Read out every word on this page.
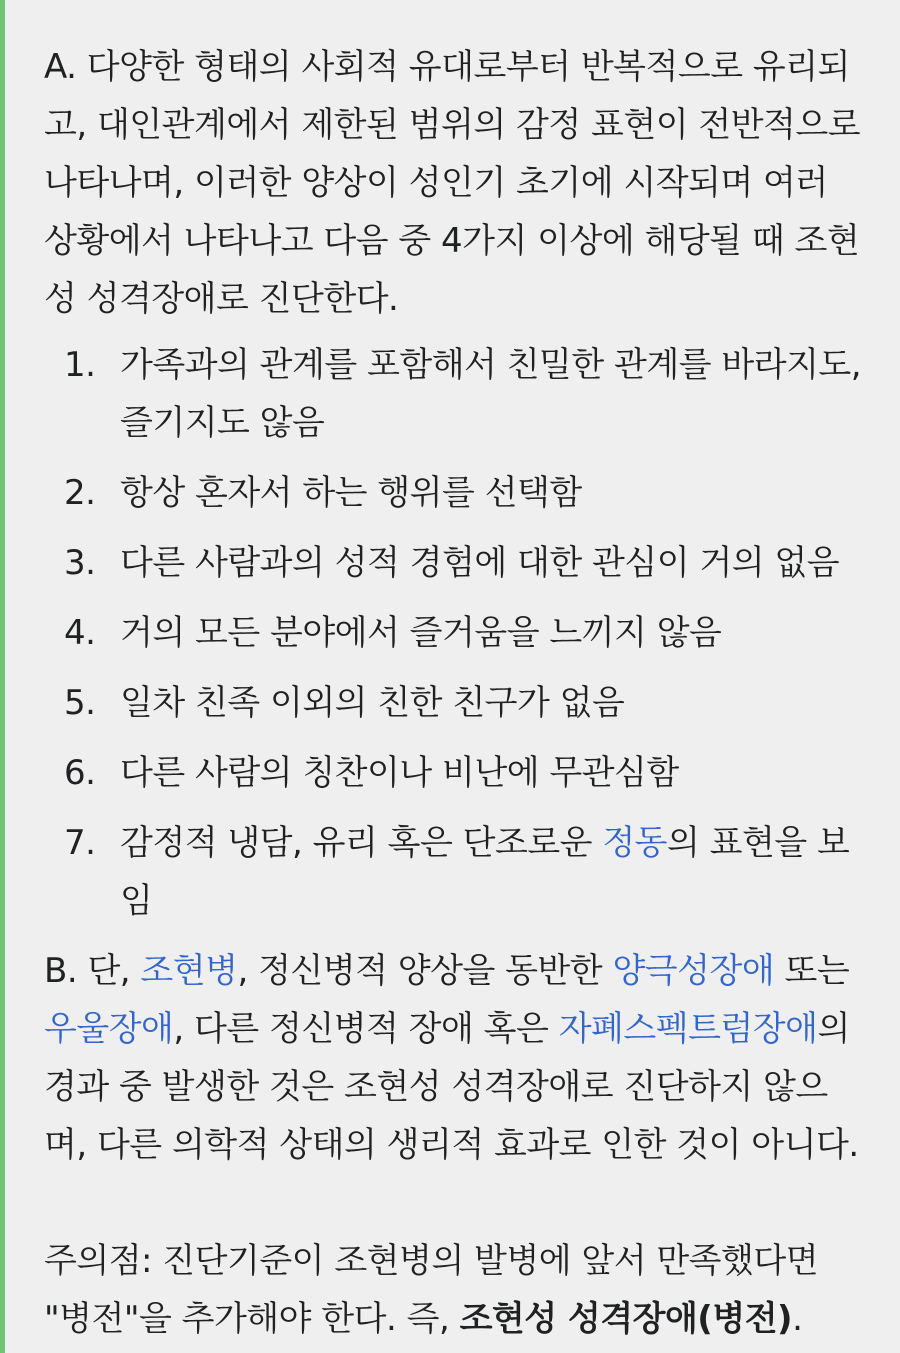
A. 다양한 형태의 사회적 유대로부터 반복적으로 유리되고, 대인관계에서 제한된 범위의 감정 표현이 전반적으로 나타나며, 이러한 양상이 성인기 초기에 시작되며 여러 상황에서 나타나고 다음 중 4가지 이상에 해당될 때 조현성 성격장애로 진단한다.

1. 가족과의 관계를 포함해서 친밀한 관계를 바라지도, 즐기지도 않음
2. 항상 혼자서 하는 행위를 선택함
3. 다른 사람과의 성적 경험에 대한 관심이 거의 없음
4. 거의 모든 분야에서 즐거움을 느끼지 않음
5. 일차 친족 이외의 친한 친구가 없음
6. 다른 사람의 칭찬이나 비난에 무관심함
7. 감정적 냉담, 유리 혹은 단조로운 정동의 표현을 보임

B. 단, 조현병, 정신병적 양상을 동반한 양극성장애 또는 우울장애, 다른 정신병적 장애 혹은 자폐스펙트럼장애의 경과 중 발생한 것은 조현성 성격장애로 진단하지 않으며, 다른 의학적 상태의 생리적 효과로 인한 것이 아니다.

주의점: 진단기준이 조현병의 발병에 앞서 만족했다면 "병전"을 추가해야 한다. 즉, 조현성 성격장애(병전).
